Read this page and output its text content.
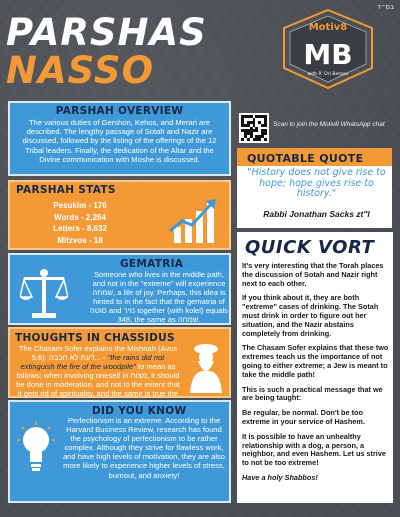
בס״ד
PARSHAS
NASSO
Motiv8
MB
with R' Ori Bergan
PARSHAH OVERVIEW
The various duties of Gershon, Kehos, and Merari are described. The lengthy passage of Sotah and Nazir are discussed, followed by the listing of the offerings of the 12 Tribal leaders. Finally, the dedication of the Altar and the Divine communication with Moshe is discussed.
Scan to join the Motiv8 WhatsApp chat
PARSHAH STATS
Pesukim - 176
Words - 2,264
Letters - 8,632
Mitzvos - 18
QUOTABLE QUOTE
"History does not give rise to hope; hope gives rise to history."
Rabbi Jonathan Sacks zt"l
GEMATRIA
Someone who lives in the middle path, and not in the "extreme" will experience שמחה, a life of joy. Perhaps, this idea is hinted to in the fact that the gematria of סוטה and נזיר together (with kolel) equals 348, the same as שמחה.
THOUGHTS IN CHASSIDUS
The Chasam Sofer explains the Mishnah (Avos 5:6): דעת לא תכבה... - "the rains did not extinguish the fire of the woodpile" to mean as follows; when involving oneself in מצות, it should be done in moderation, and not to the extent that it gets rid of spirituality, and the same is true the
DID YOU KNOW
Perfectionism is an extreme. According to the Harvard Business Review, research has found the psychology of perfectionism to be rather complex. Although they strive for flawless work, and have high levels of motivation, they are also more likely to experience higher levels of stress, burnout, and anxiety!
QUICK VORT

It's very interesting that the Torah places the discussion of Sotah and Nazir right next to each other.

If you think about it, they are both "extreme" cases of drinking. The Sotah must drink in order to figure out her situation, and the Nazir abstains completely from drinking.

The Chasam Sofer explains that these two extremes teach us the importance of not going to either extreme; a Jew is meant to take the middle path!

This is such a practical message that we are being taught:

Be regular, be normal. Don't be too extreme in your service of Hashem.

It is possible to have an unhealthy relationship with a dog, a person, a neighbor, and even Hashem. Let us strive to not be too extreme!

Have a holy Shabbos!
